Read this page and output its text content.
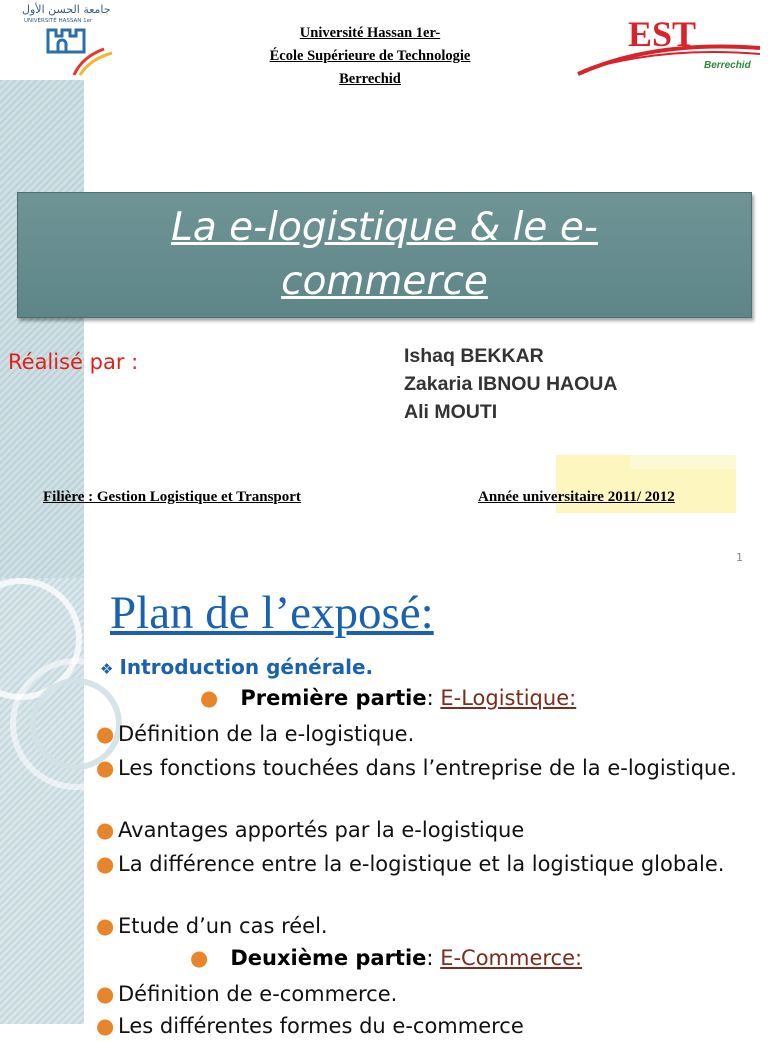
جامعة الحسن الأول
UNIVERSITÉ HASSAN 1er
Université Hassan 1er-
École Supérieure de Technologie
Berrechid
EST
Berrechid
La e-logistique & le e-commerce
Réalisé par :	Ishaq BEKKAR
Zakaria IBNOU HAOUA
Ali MOUTI
Filière : Gestion Logistique et Transport	Année universitaire 2011/ 2012
1
Plan de l’exposé:
❖ Introduction générale.
● Première partie: E-Logistique:
● Définition de la e-logistique.
● Les fonctions touchées dans l’entreprise de la e-logistique.
● Avantages apportés par la e-logistique
● La différence entre la e-logistique et la logistique globale.
● Etude d’un cas réel.
● Deuxième partie: E-Commerce:
● Définition de e-commerce.
● Les différentes formes du e-commerce
